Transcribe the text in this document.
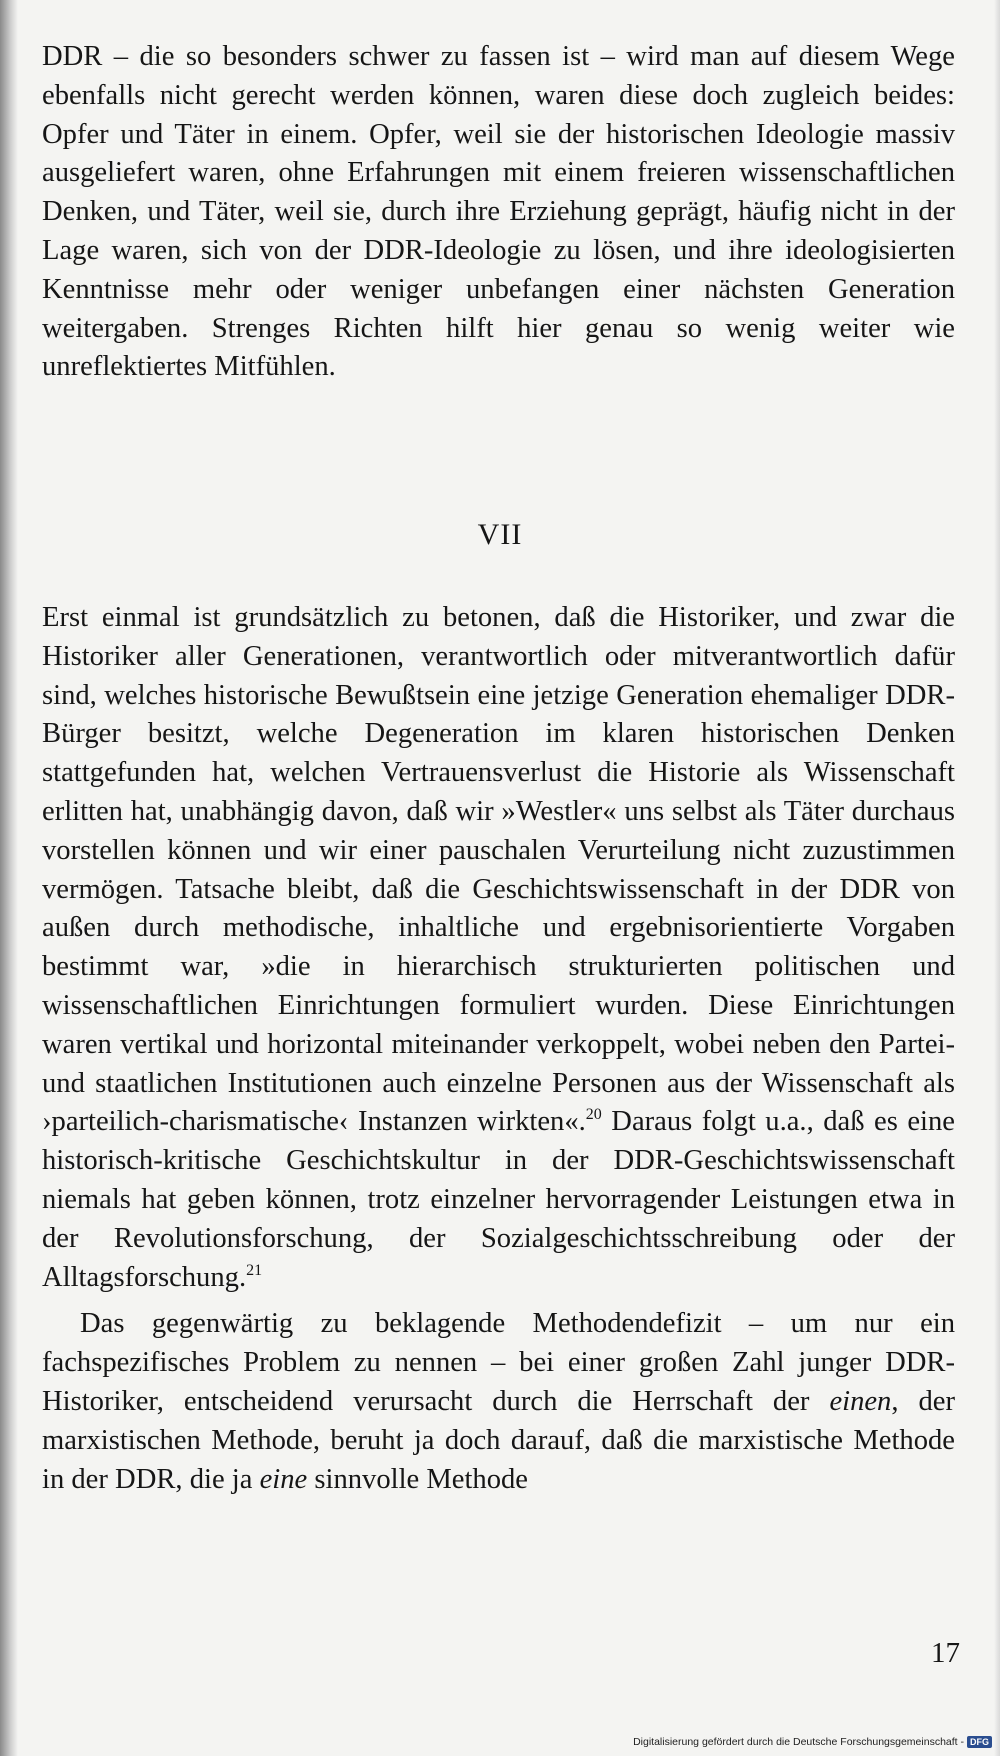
DDR – die so besonders schwer zu fassen ist – wird man auf diesem Wege ebenfalls nicht gerecht werden können, waren diese doch zugleich beides: Opfer und Täter in einem. Opfer, weil sie der historischen Ideologie massiv ausgeliefert waren, ohne Erfahrungen mit einem freieren wissenschaftlichen Denken, und Täter, weil sie, durch ihre Erziehung geprägt, häufig nicht in der Lage waren, sich von der DDR-Ideologie zu lösen, und ihre ideologisierten Kenntnisse mehr oder weniger unbefangen einer nächsten Generation weitergaben. Strenges Richten hilft hier genau so wenig weiter wie unreflektiertes Mitfühlen.

VII

Erst einmal ist grundsätzlich zu betonen, daß die Historiker, und zwar die Historiker aller Generationen, verantwortlich oder mitverantwortlich dafür sind, welches historische Bewußtsein eine jetzige Generation ehemaliger DDR-Bürger besitzt, welche Degeneration im klaren historischen Denken stattgefunden hat, welchen Vertrauensverlust die Historie als Wissenschaft erlitten hat, unabhängig davon, daß wir »Westler« uns selbst als Täter durchaus vorstellen können und wir einer pauschalen Verurteilung nicht zuzustimmen vermögen. Tatsache bleibt, daß die Geschichtswissenschaft in der DDR von außen durch methodische, inhaltliche und ergebnisorientierte Vorgaben bestimmt war, »die in hierarchisch strukturierten politischen und wissenschaftlichen Einrichtungen formuliert wurden. Diese Einrichtungen waren vertikal und horizontal miteinander verkoppelt, wobei neben den Partei- und staatlichen Institutionen auch einzelne Personen aus der Wissenschaft als ›parteilich-charismatische‹ Instanzen wirkten«.$^{20}$ Daraus folgt u.a., daß es eine historisch-kritische Geschichtskultur in der DDR-Geschichtswissenschaft niemals hat geben können, trotz einzelner hervorragender Leistungen etwa in der Revolutionsforschung, der Sozialgeschichtsschreibung oder der Alltagsforschung.$^{21}$

Das gegenwärtig zu beklagende Methodendefizit – um nur ein fachspezifisches Problem zu nennen – bei einer großen Zahl junger DDR-Historiker, entscheidend verursacht durch die Herrschaft der einen, der marxistischen Methode, beruht ja doch darauf, daß die marxistische Methode in der DDR, die ja eine sinnvolle Methode

17
Digitalisierung gefördert durch die Deutsche Forschungsgemeinschaft - DFG
